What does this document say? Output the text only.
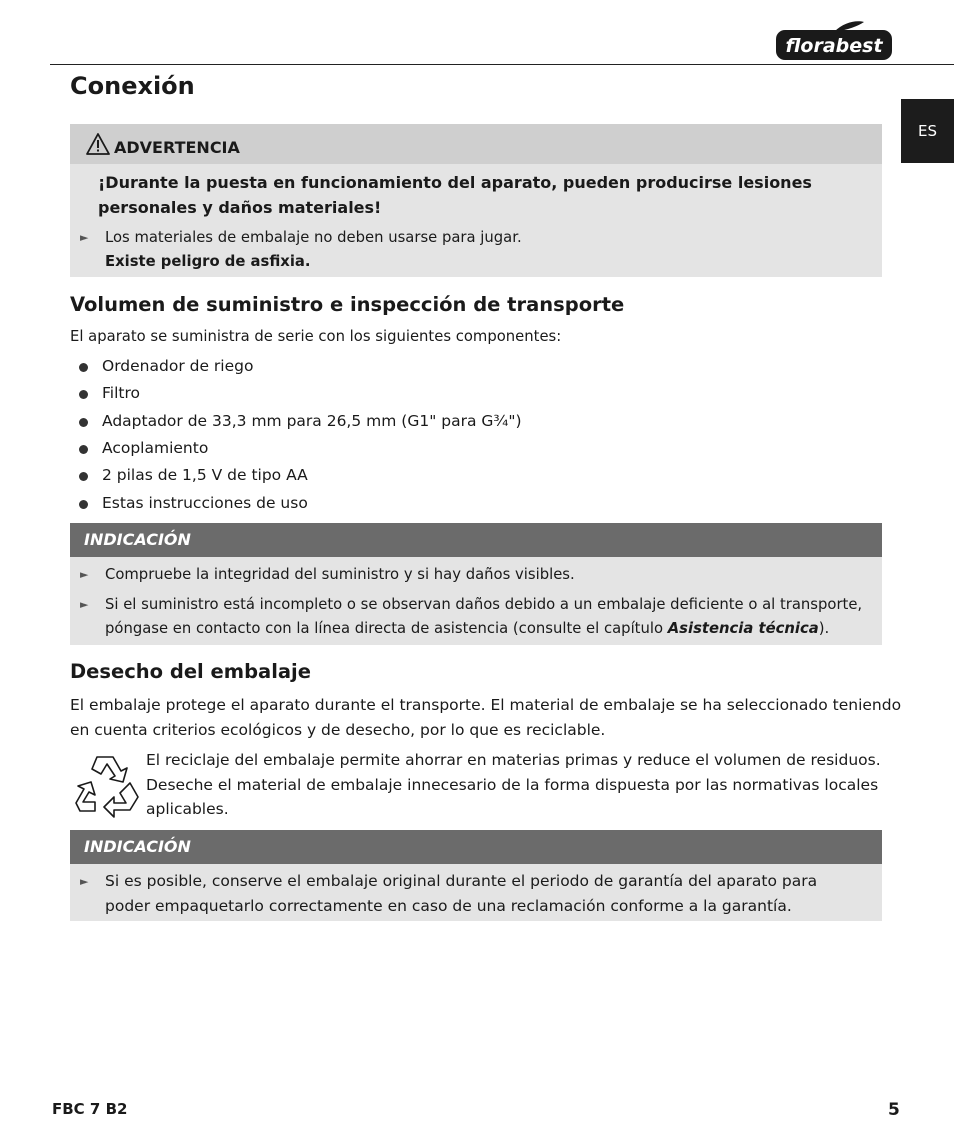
florabest
ES
Conexión
ADVERTENCIA
¡Durante la puesta en funcionamiento del aparato, pueden producirse lesiones
personales y daños materiales!
► Los materiales de embalaje no deben usarse para jugar.
Existe peligro de asfixia.
Volumen de suministro e inspección de transporte
El aparato se suministra de serie con los siguientes componentes:
Ordenador de riego
Filtro
Adaptador de 33,3 mm para 26,5 mm (G1" para G¾")
Acoplamiento
2 pilas de 1,5 V de tipo AA
Estas instrucciones de uso
INDICACIÓN
► Compruebe la integridad del suministro y si hay daños visibles.
► Si el suministro está incompleto o se observan daños debido a un embalaje deficiente o al transporte,
póngase en contacto con la línea directa de asistencia (consulte el capítulo Asistencia técnica).
Desecho del embalaje
El embalaje protege el aparato durante el transporte. El material de embalaje se ha seleccionado teniendo
en cuenta criterios ecológicos y de desecho, por lo que es reciclable.
El reciclaje del embalaje permite ahorrar en materias primas y reduce el volumen de residuos.
Deseche el material de embalaje innecesario de la forma dispuesta por las normativas locales
aplicables.
INDICACIÓN
► Si es posible, conserve el embalaje original durante el periodo de garantía del aparato para
poder empaquetarlo correctamente en caso de una reclamación conforme a la garantía.
FBC 7 B2	5
